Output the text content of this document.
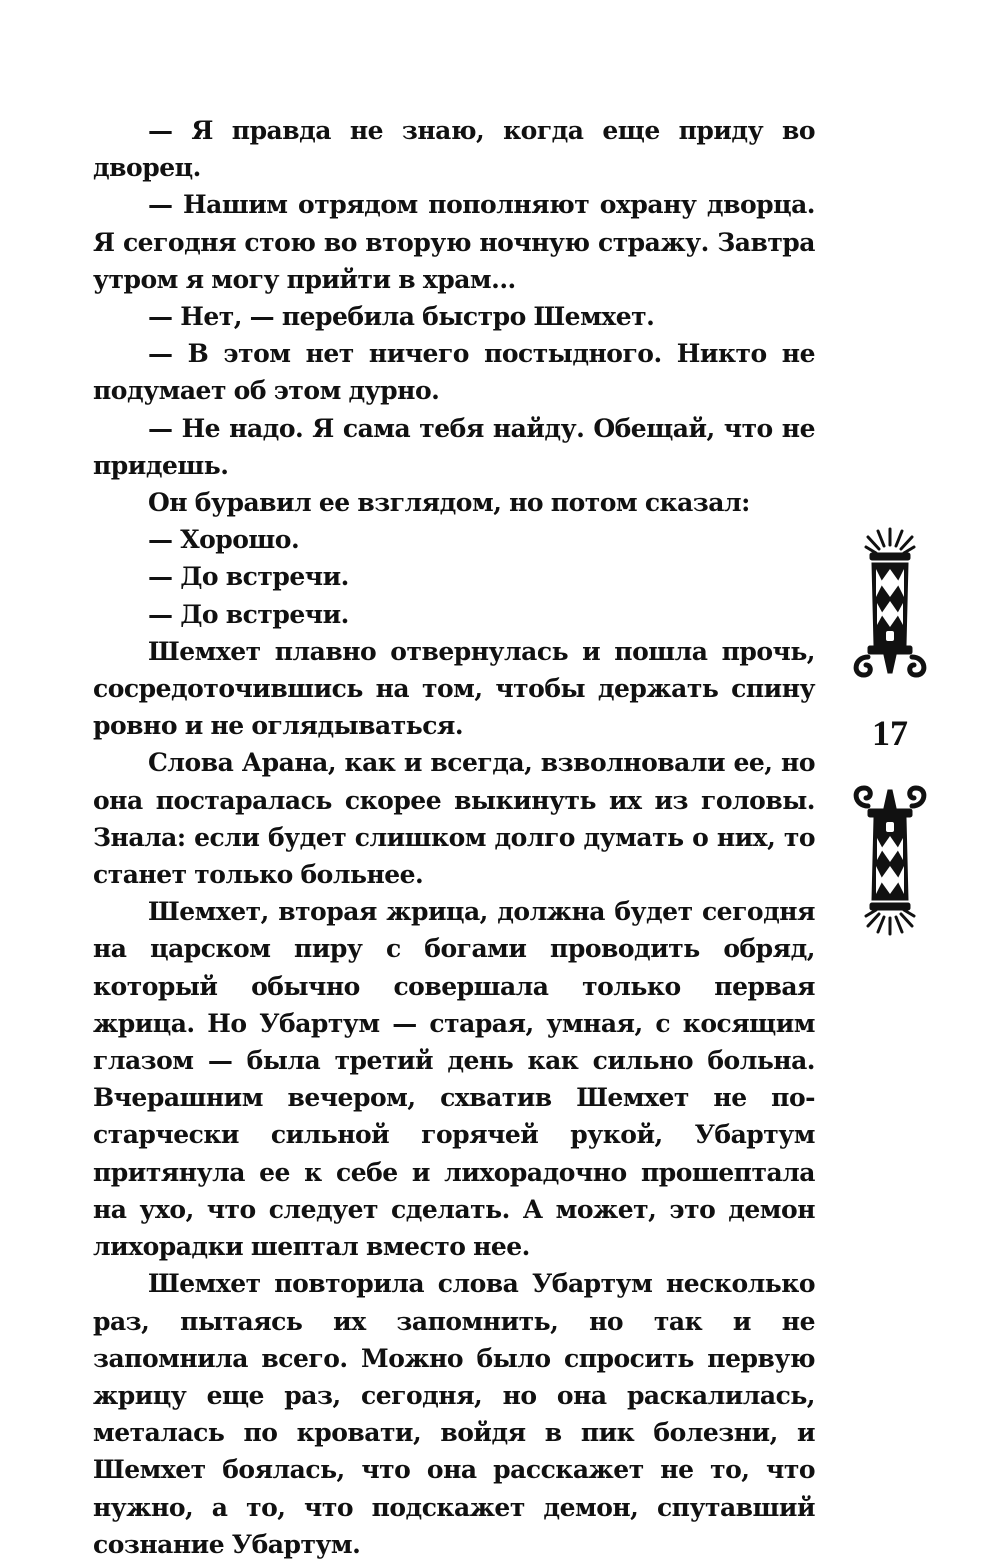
— Я правда не знаю, когда еще приду во дворец.

— Нашим отрядом пополняют охрану дворца. Я сегодня стою во вторую ночную стражу. Завтра утром я могу прийти в храм...

— Нет, — перебила быстро Шемхет.

— В этом нет ничего постыдного. Никто не подумает об этом дурно.

— Не надо. Я сама тебя найду. Обещай, что не придешь.

Он буравил ее взглядом, но потом сказал:

— Хорошо.

— До встречи.

— До встречи.

Шемхет плавно отвернулась и пошла прочь, сосредоточившись на том, чтобы держать спину ровно и не оглядываться.

Слова Арана, как и всегда, взволновали ее, но она постаралась скорее выкинуть их из головы. Знала: если будет слишком долго думать о них, то станет только больнее.

Шемхет, вторая жрица, должна будет сегодня на царском пиру с богами проводить обряд, который обычно совершала только первая жрица. Но Убартум — старая, умная, с косящим глазом — была третий день как сильно больна. Вчерашним вечером, схватив Шемхет не по-старчески сильной горячей рукой, Убартум притянула ее к себе и лихорадочно прошептала на ухо, что следует сделать. А может, это демон лихорадки шептал вместо нее.

Шемхет повторила слова Убартум несколько раз, пытаясь их запомнить, но так и не запомнила всего. Можно было спросить первую жрицу еще раз, сегодня, но она раскалилась, металась по кровати, войдя в пик болезни, и Шемхет боялась, что она расскажет не то, что нужно, а то, что подскажет демон, спутавший сознание Убартум.

17
